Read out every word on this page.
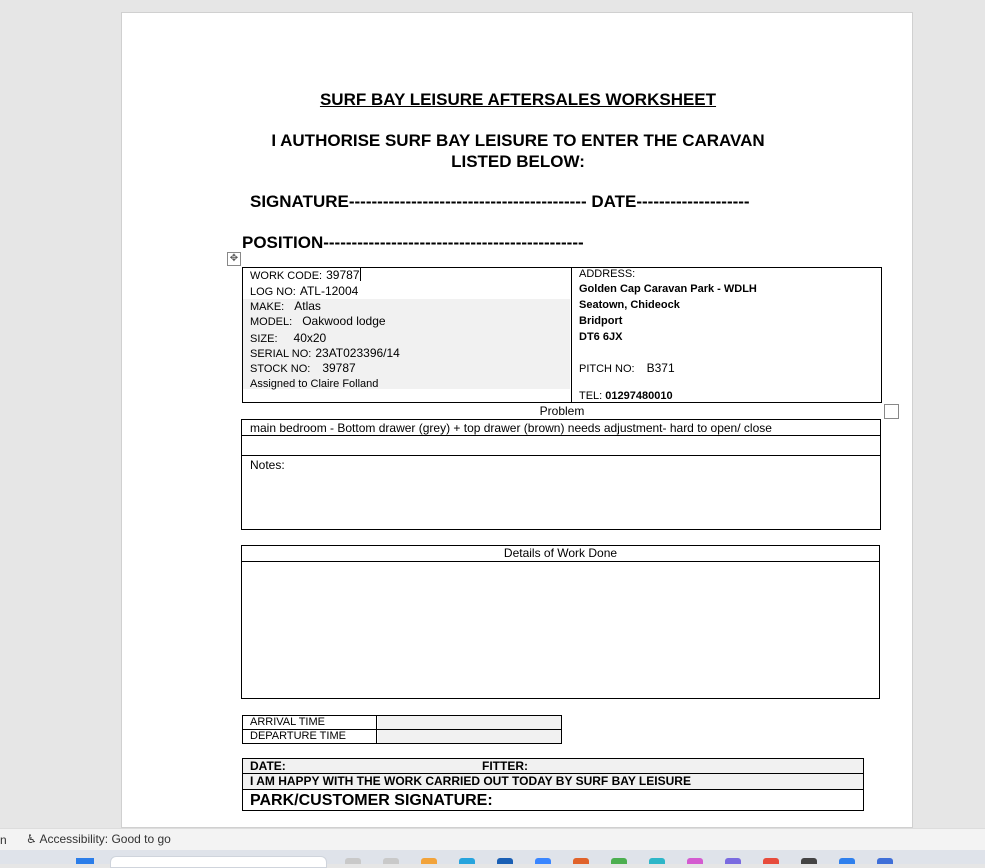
SURF BAY LEISURE AFTERSALES WORKSHEET
I AUTHORISE SURF BAY LEISURE TO ENTER THE CARAVAN
LISTED BELOW:
SIGNATURE------------------------------------------ DATE--------------------
POSITION----------------------------------------------
✥
WORK CODE: 39787
LOG NO: ATL-12004
MAKE: Atlas
MODEL: Oakwood lodge
SIZE: 40x20
SERIAL NO: 23AT023396/14
STOCK NO: 39787
Assigned to Claire Folland
ADDRESS:
Golden Cap Caravan Park - WDLH
Seatown, Chideock
Bridport
DT6 6JX
PITCH NO: B371
TEL: 01297480010
Problem
main bedroom - Bottom drawer (grey) + top drawer (brown) needs adjustment- hard to open/ close
Notes:
Details of Work Done
ARRIVAL TIME
DEPARTURE TIME
DATE:	FITTER:
I AM HAPPY WITH THE WORK CARRIED OUT TODAY BY SURF BAY LEISURE
PARK/CUSTOMER SIGNATURE:
n ♿ Accessibility: Good to go
